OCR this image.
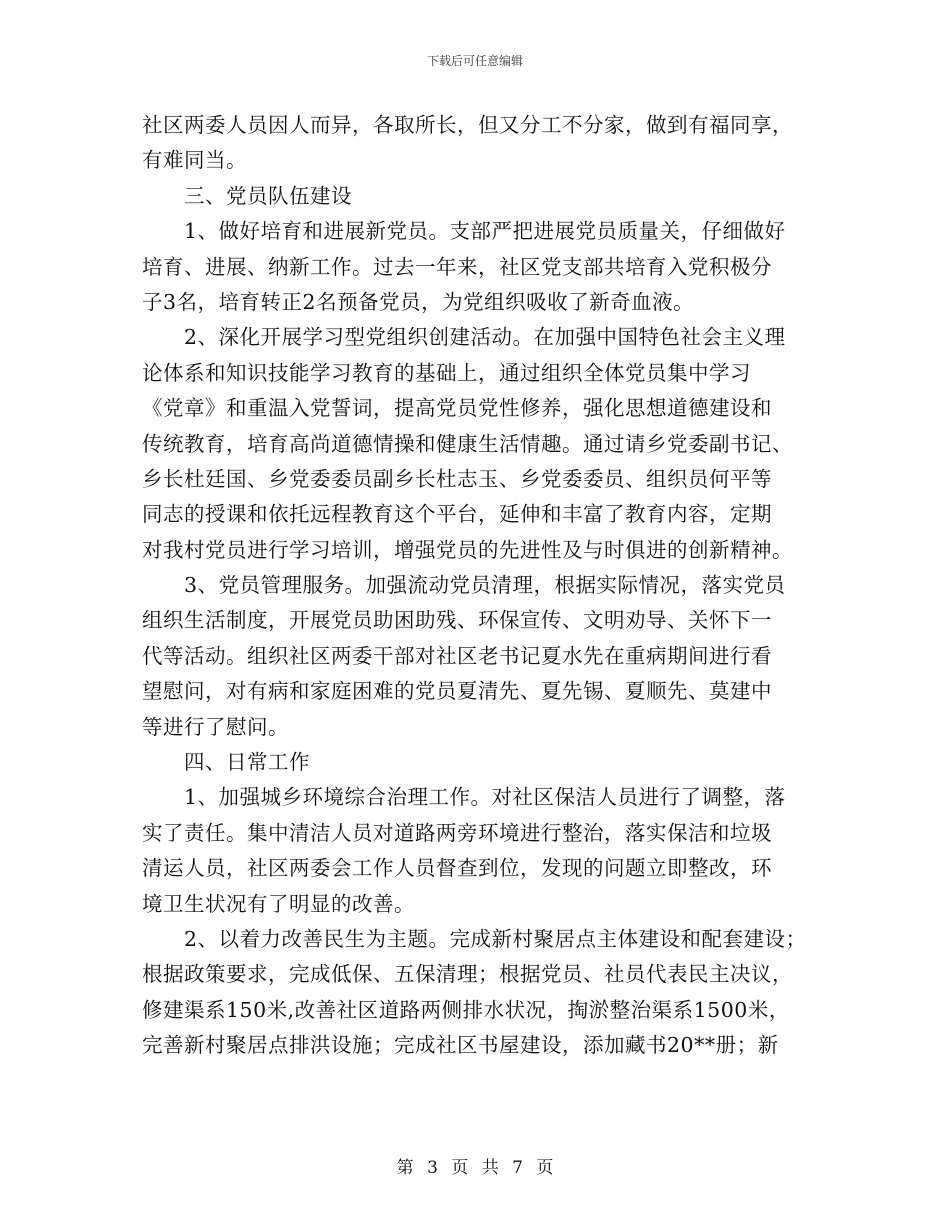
下载后可任意编辑
社区两委人员因人而异，各取所长，但又分工不分家，做到有福同享，
有难同当。
三、党员队伍建设
1、做好培育和进展新党员。支部严把进展党员质量关，仔细做好
培育、进展、纳新工作。过去一年来，社区党支部共培育入党积极分
子3名，培育转正2名预备党员，为党组织吸收了新奇血液。
2、深化开展学习型党组织创建活动。在加强中国特色社会主义理
论体系和知识技能学习教育的基础上，通过组织全体党员集中学习
《党章》和重温入党誓词，提高党员党性修养，强化思想道德建设和
传统教育，培育高尚道德情操和健康生活情趣。通过请乡党委副书记、
乡长杜廷国、乡党委委员副乡长杜志玉、乡党委委员、组织员何平等
同志的授课和依托远程教育这个平台，延伸和丰富了教育内容，定期
对我村党员进行学习培训，增强党员的先进性及与时俱进的创新精神。
3、党员管理服务。加强流动党员清理，根据实际情况，落实党员
组织生活制度，开展党员助困助残、环保宣传、文明劝导、关怀下一
代等活动。组织社区两委干部对社区老书记夏水先在重病期间进行看
望慰问，对有病和家庭困难的党员夏清先、夏先锡、夏顺先、莫建中
等进行了慰问。
四、日常工作
1、加强城乡环境综合治理工作。对社区保洁人员进行了调整，落
实了责任。集中清洁人员对道路两旁环境进行整治，落实保洁和垃圾
清运人员，社区两委会工作人员督查到位，发现的问题立即整改，环
境卫生状况有了明显的改善。
2、以着力改善民生为主题。完成新村聚居点主体建设和配套建设；
根据政策要求，完成低保、五保清理；根据党员、社员代表民主决议，
修建渠系150米,改善社区道路两侧排水状况，掏淤整治渠系1500米，
完善新村聚居点排洪设施；完成社区书屋建设，添加藏书20**册；新
第 3 页 共 7 页
